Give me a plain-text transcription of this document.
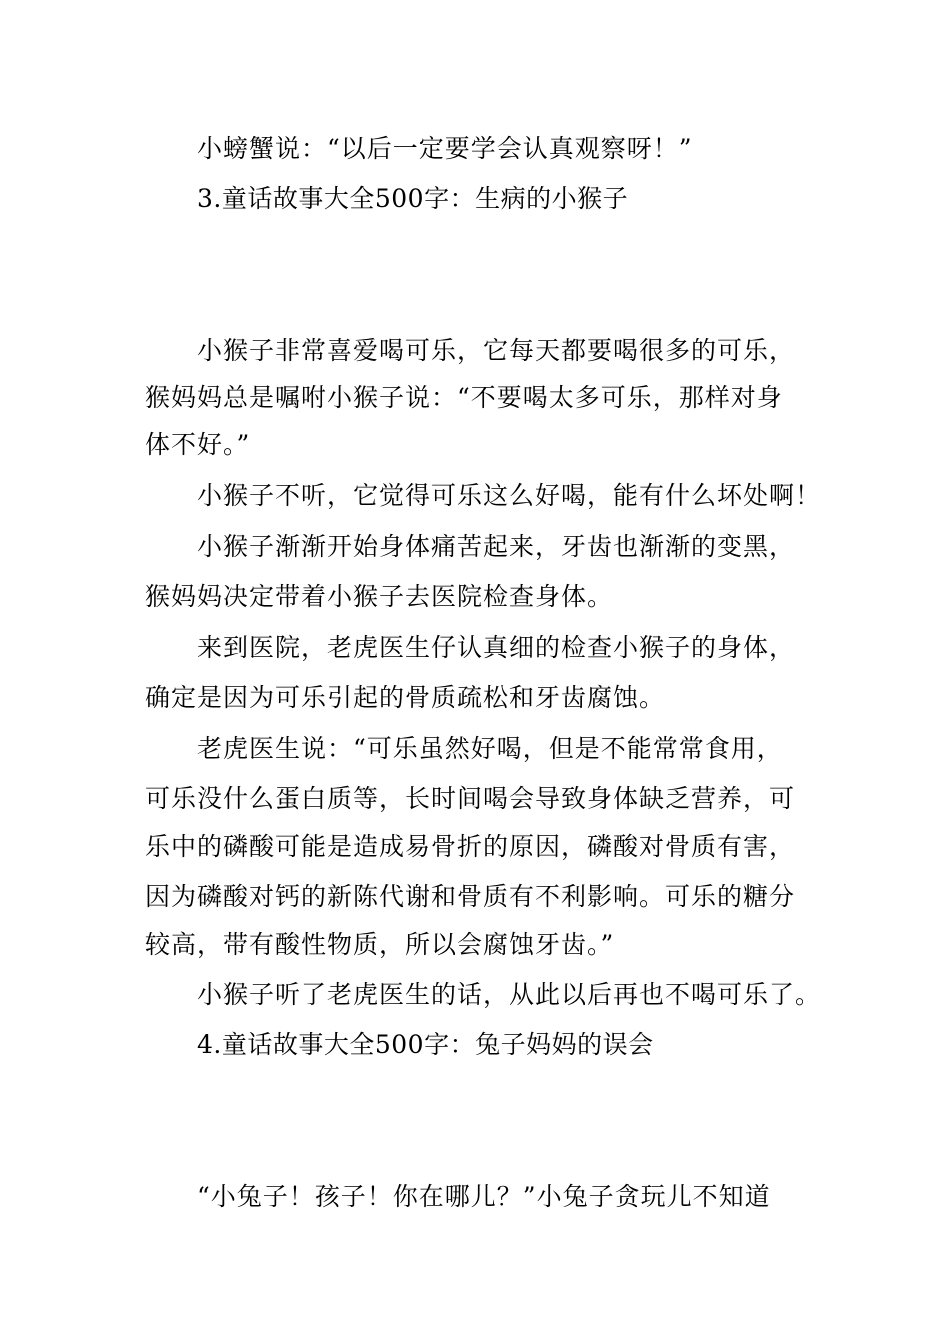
小螃蟹说：“以后一定要学会认真观察呀！”
3.童话故事大全500字：生病的小猴子
小猴子非常喜爱喝可乐，它每天都要喝很多的可乐，
猴妈妈总是嘱咐小猴子说：“不要喝太多可乐，那样对身
体不好。”
小猴子不听，它觉得可乐这么好喝，能有什么坏处啊！
小猴子渐渐开始身体痛苦起来，牙齿也渐渐的变黑，
猴妈妈决定带着小猴子去医院检查身体。
来到医院，老虎医生仔认真细的检查小猴子的身体，
确定是因为可乐引起的骨质疏松和牙齿腐蚀。
老虎医生说：“可乐虽然好喝，但是不能常常食用，
可乐没什么蛋白质等，长时间喝会导致身体缺乏营养，可
乐中的磷酸可能是造成易骨折的原因，磷酸对骨质有害，
因为磷酸对钙的新陈代谢和骨质有不利影响。可乐的糖分
较高，带有酸性物质，所以会腐蚀牙齿。”
小猴子听了老虎医生的话，从此以后再也不喝可乐了。
4.童话故事大全500字：兔子妈妈的误会
“小兔子！孩子！你在哪儿？”小兔子贪玩儿不知道
